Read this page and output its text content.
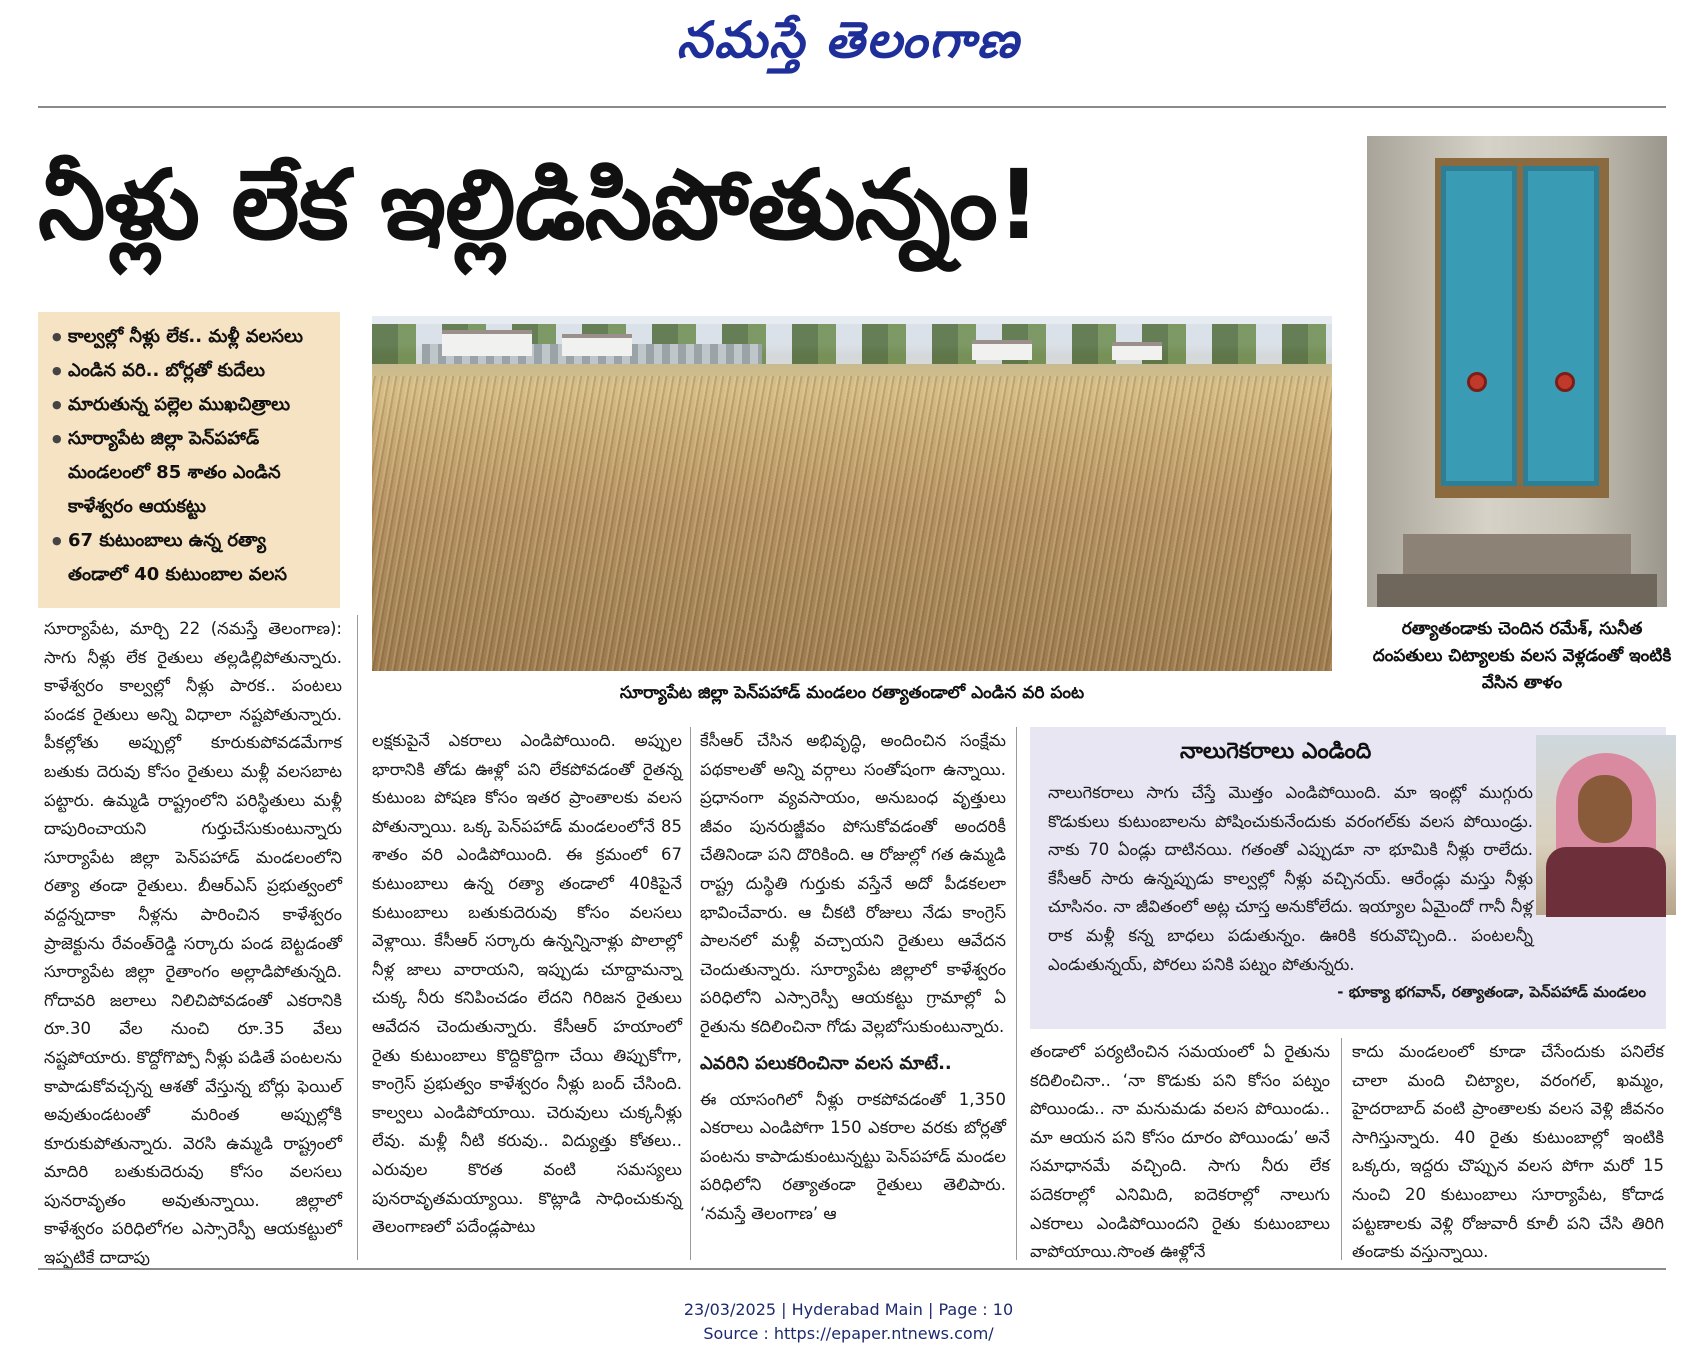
నమస్తే తెలంగాణ
నీళ్లు లేక ఇల్లిడిసిపోతున్నం!
● కాల్వల్లో నీళ్లు లేక.. మళ్లీ వలసలు
● ఎండిన వరి.. బోర్లతో కుదేలు
● మారుతున్న పల్లెల ముఖచిత్రాలు
● సూర్యాపేట జిల్లా పెన్‌పహాడ్ మండలంలో 85 శాతం ఎండిన కాళేశ్వరం ఆయకట్టు
● 67 కుటుంబాలు ఉన్న రత్యా తండాలో 40 కుటుంబాల వలస
సూర్యాపేట జిల్లా పెన్‌పహాడ్ మండలం రత్యాతండాలో ఎండిన వరి పంట
రత్యాతండాకు చెందిన రమేశ్, సునీత దంపతులు చిట్యాలకు వలస వెళ్లడంతో ఇంటికి వేసిన తాళం

సూర్యాపేట, మార్చి 22 (నమస్తే తెలంగాణ): సాగు నీళ్లు లేక రైతులు తల్లడిల్లిపోతున్నారు. కాళేశ్వరం కాల్వల్లో నీళ్లు పారక.. పంటలు పండక రైతులు అన్ని విధాలా నష్టపోతున్నారు. పీకల్లోతు అప్పుల్లో కూరుకుపోవడమేగాక బతుకు దెరువు కోసం రైతులు మళ్లీ వలసబాట పట్టారు. ఉమ్మడి రాష్ట్రంలోని పరిస్థితులు మళ్లీ దాపురించాయని గుర్తుచేసుకుంటున్నారు సూర్యాపేట జిల్లా పెన్‌పహాడ్ మండలంలోని రత్యా తండా రైతులు. బీఆర్‌ఎస్ ప్రభుత్వంలో వద్దన్నదాకా నీళ్లను పారించిన కాళేశ్వరం ప్రాజెక్టును రేవంత్‌రెడ్డి సర్కారు పండ బెట్టడంతో సూర్యాపేట జిల్లా రైతాంగం అల్లాడిపోతున్నది. గోదావరి జలాలు నిలిచిపోవడంతో ఎకరానికి రూ.30 వేల నుంచి రూ.35 వేలు నష్టపోయారు. కొద్దోగొప్పో నీళ్లు పడితే పంటలను కాపాడుకోవచ్చన్న ఆశతో వేస్తున్న బోర్లు ఫెయిల్ అవుతుండటంతో మరింత అప్పుల్లోకి కూరుకుపోతున్నారు. వెరసి ఉమ్మడి రాష్ట్రంలో మాదిరి బతుకుదెరువు కోసం వలసలు పునరావృతం అవుతున్నాయి. జిల్లాలో కాళేశ్వరం పరిధిలోగల ఎస్సారెస్పీ ఆయకట్టులో ఇప్పటికే దాదాపు

లక్షకుపైనే ఎకరాలు ఎండిపోయింది. అప్పుల భారానికి తోడు ఊళ్లో పని లేకపోవడంతో రైతన్న కుటుంబ పోషణ కోసం ఇతర ప్రాంతాలకు వలస పోతున్నాయి. ఒక్క పెన్‌పహాడ్ మండలంలోనే 85 శాతం వరి ఎండిపోయింది. ఈ క్రమంలో 67 కుటుంబాలు ఉన్న రత్యా తండాలో 40కిపైనే కుటుంబాలు బతుకుదెరువు కోసం వలసలు వెళ్లాయి. కేసీఆర్ సర్కారు ఉన్నన్నినాళ్లు పొలాల్లో నీళ్ల జాలు వారాయని, ఇప్పుడు చూద్దామన్నా చుక్క నీరు కనిపించడం లేదని గిరిజన రైతులు ఆవేదన చెందుతున్నారు. కేసీఆర్ హయాంలో రైతు కుటుంబాలు కొద్దికొద్దిగా చేయి తిప్పుకోగా, కాంగ్రెస్ ప్రభుత్వం కాళేశ్వరం నీళ్లు బంద్ చేసింది. కాల్వలు ఎండిపోయాయి. చెరువులు చుక్కనీళ్లు లేవు. మళ్లీ నీటి కరువు.. విద్యుత్తు కోతలు.. ఎరువుల కొరత వంటి సమస్యలు పునరావృతమయ్యాయి. కొట్లాడి సాధించుకున్న తెలంగాణలో పదేండ్లపాటు

కేసీఆర్ చేసిన అభివృద్ధి, అందించిన సంక్షేమ పథకాలతో అన్ని వర్గాలు సంతోషంగా ఉన్నాయి. ప్రధానంగా వ్యవసాయం, అనుబంధ వృత్తులు జీవం పునరుజ్జీవం పోసుకోవడంతో అందరికీ చేతినిండా పని దొరికింది. ఆ రోజుల్లో గత ఉమ్మడి రాష్ట్ర దుస్థితి గుర్తుకు వస్తేనే అదో పీడకలలా భావించేవారు. ఆ చీకటి రోజులు నేడు కాంగ్రెస్ పాలనలో మళ్లీ వచ్చాయని రైతులు ఆవేదన చెందుతున్నారు. సూర్యాపేట జిల్లాలో కాళేశ్వరం పరిధిలోని ఎస్సారెస్పీ ఆయకట్టు గ్రామాల్లో ఏ రైతును కదిలించినా గోడు వెల్లబోసుకుంటున్నారు.

ఎవరిని పలుకరించినా వలస మాటే..

ఈ యాసంగిలో నీళ్లు రాకపోవడంతో 1,350 ఎకరాలు ఎండిపోగా 150 ఎకరాల వరకు బోర్లతో పంటను కాపాడుకుంటున్నట్టు పెన్‌పహాడ్ మండల పరిధిలోని రత్యాతండా రైతులు తెలిపారు. ‘నమస్తే తెలంగాణ’ ఆ

నాలుగెకరాలు ఎండింది
నాలుగెకరాలు సాగు చేస్తే మొత్తం ఎండిపోయింది. మా ఇంట్లో ముగ్గురు కొడుకులు కుటుంబాలను పోషించుకునేందుకు వరంగల్‌కు వలస పోయిండ్రు. నాకు 70 ఏండ్లు దాటినయి. గతంతో ఎప్పుడూ నా భూమికి నీళ్లు రాలేదు. కేసీఆర్ సారు ఉన్నప్పుడు కాల్వల్లో నీళ్లు వచ్చినయ్. ఆరేండ్లు మస్తు నీళ్లు చూసినం. నా జీవితంలో అట్ల చూస్త అనుకోలేదు. ఇయ్యాల ఏమైందో గానీ నీళ్ల రాక మళ్లీ కన్న బాధలు పడుతున్నం. ఊరికి కరువొచ్చింది.. పంటలన్నీ ఎండుతున్నయ్, పోరలు పనికి పట్నం పోతున్నరు.
- భూక్యా భగవాన్, రత్యాతండా, పెన్‌పహాడ్ మండలం

తండాలో పర్యటించిన సమయంలో ఏ రైతును కదిలించినా.. ‘నా కొడుకు పని కోసం పట్నం పోయిండు.. నా మనుమడు వలస పోయిండు.. మా ఆయన పని కోసం దూరం పోయిండు’ అనే సమాధానమే వచ్చింది. సాగు నీరు లేక పదెకరాల్లో ఎనిమిది, ఐదెకరాల్లో నాలుగు ఎకరాలు ఎండిపోయిందని రైతు కుటుంబాలు వాపోయాయి.సొంత ఊళ్లోనే

కాదు మండలంలో కూడా చేసేందుకు పనిలేక చాలా మంది చిట్యాల, వరంగల్, ఖమ్మం, హైదరాబాద్ వంటి ప్రాంతాలకు వలస వెళ్లి జీవనం సాగిస్తున్నారు. 40 రైతు కుటుంబాల్లో ఇంటికి ఒక్కరు, ఇద్దరు చొప్పున వలస పోగా మరో 15 నుంచి 20 కుటుంబాలు సూర్యాపేట, కోదాడ పట్టణాలకు వెళ్లి రోజువారీ కూలీ పని చేసి తిరిగి తండాకు వస్తున్నాయి.

23/03/2025 | Hyderabad Main | Page : 10
Source : https://epaper.ntnews.com/
